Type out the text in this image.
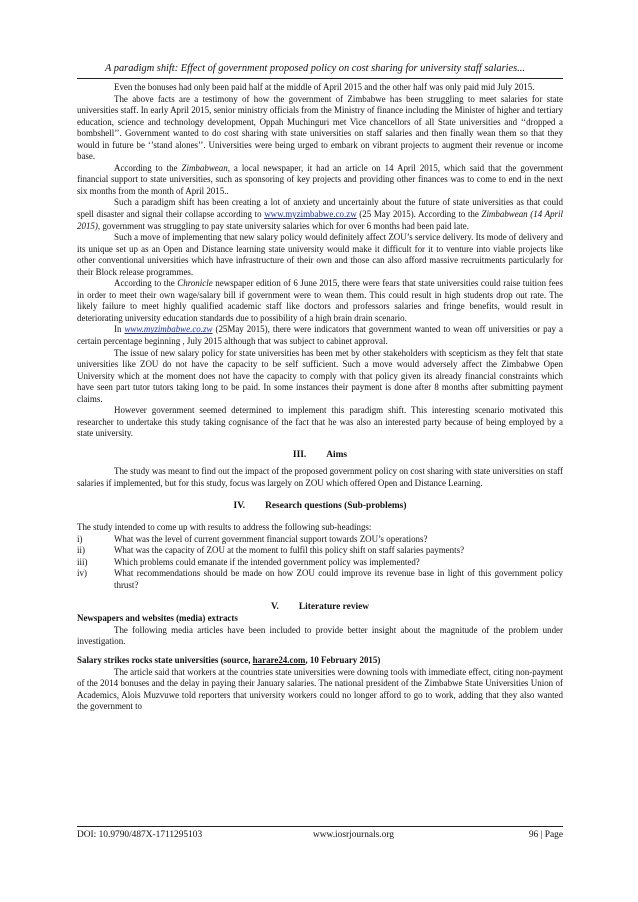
A paradigm shift: Effect of government proposed policy on cost sharing for university staff salaries...

Even the bonuses had only been paid half at the middle of April 2015 and the other half was only paid mid July 2015.

The above facts are a testimony of how the government of Zimbabwe has been struggling to meet salaries for state universities staff. In early April 2015, senior ministry officials from the Ministry of finance including the Minister of higher and tertiary education, science and technology development, Oppah Muchinguri met Vice chancellors of all State universities and ‘‘dropped a bombshell’’. Government wanted to do cost sharing with state universities on staff salaries and then finally wean them so that they would in future be ‘’stand alones’’. Universities were being urged to embark on vibrant projects to augment their revenue or income base.

According to the Zimbabwean, a local newspaper, it had an article on 14 April 2015, which said that the government financial support to state universities, such as sponsoring of key projects and providing other finances was to come to end in the next six months from the month of April 2015..

Such a paradigm shift has been creating a lot of anxiety and uncertainly about the future of state universities as that could spell disaster and signal their collapse according to www.myzimbabwe.co.zw (25 May 2015). According to the Zimbabwean (14 April 2015), government was struggling to pay state university salaries which for over 6 months had been paid late.

Such a move of implementing that new salary policy would definitely affect ZOU’s service delivery. Its mode of delivery and its unique set up as an Open and Distance learning state university would make it difficult for it to venture into viable projects like other conventional universities which have infrastructure of their own and those can also afford massive recruitments particularly for their Block release programmes.

According to the Chronicle newspaper edition of 6 June 2015, there were fears that state universities could raise tuition fees in order to meet their own wage/salary bill if government were to wean them. This could result in high students drop out rate. The likely failure to meet highly qualified academic staff like doctors and professors salaries and fringe benefits, would result in deteriorating university education standards due to possibility of a high brain drain scenario.

In www.myzimbabwe.co.zw (25May 2015), there were indicators that government wanted to wean off universities or pay a certain percentage beginning , July 2015 although that was subject to cabinet approval.

The issue of new salary policy for state universities has been met by other stakeholders with scepticism as they felt that state universities like ZOU do not have the capacity to be self sufficient. Such a move would adversely affect the Zimbabwe Open University which at the moment does not have the capacity to comply with that policy given its already financial constraints which have seen part tutor tutors taking long to be paid. In some instances their payment is done after 8 months after submitting payment claims.

However government seemed determined to implement this paradigm shift. This interesting scenario motivated this researcher to undertake this study taking cognisance of the fact that he was also an interested party because of being employed by a state university.

III. Aims

The study was meant to find out the impact of the proposed government policy on cost sharing with state universities on staff salaries if implemented, but for this study, focus was largely on ZOU which offered Open and Distance Learning.

IV. Research questions (Sub-problems)

The study intended to come up with results to address the following sub-headings:

i)	What was the level of current government financial support towards ZOU’s operations?
ii)	What was the capacity of ZOU at the moment to fulfil this policy shift on staff salaries payments?
iii)	Which problems could emanate if the intended government policy was implemented?
iv)	What recommendations should be made on how ZOU could improve its revenue base in light of this government policy thrust?
V. Literature review

Newspapers and websites (media) extracts

The following media articles have been included to provide better insight about the magnitude of the problem under investigation.

Salary strikes rocks state universities (source, harare24.com, 10 February 2015)

The article said that workers at the countries state universities were downing tools with immediate effect, citing non-payment of the 2014 bonuses and the delay in paying their January salaries. The national president of the Zimbabwe State Universities Union of Academics, Alois Muzvuwe told reporters that university workers could no longer afford to go to work, adding that they also wanted the government to

DOI: 10.9790/487X-1711295103	www.iosrjournals.org	96 | Page
